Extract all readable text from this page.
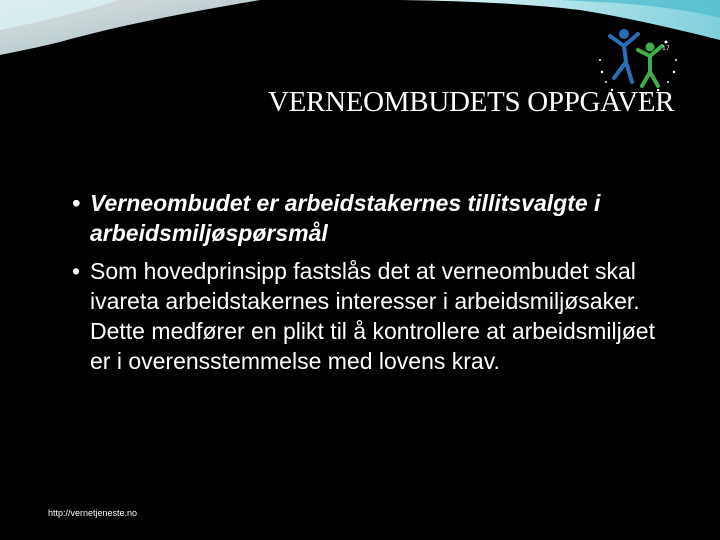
17
VERNEOMBUDETS OPPGAVER
• Verneombudet er arbeidstakernes tillitsvalgte i arbeidsmiljøspørsmål
• Som hovedprinsipp fastslås det at verneombudet skal ivareta arbeidstakernes interesser i arbeidsmiljøsaker. Dette medfører en plikt til å kontrollere at arbeidsmiljøet er i overensstemmelse med lovens krav.
http://vernetjeneste.no
